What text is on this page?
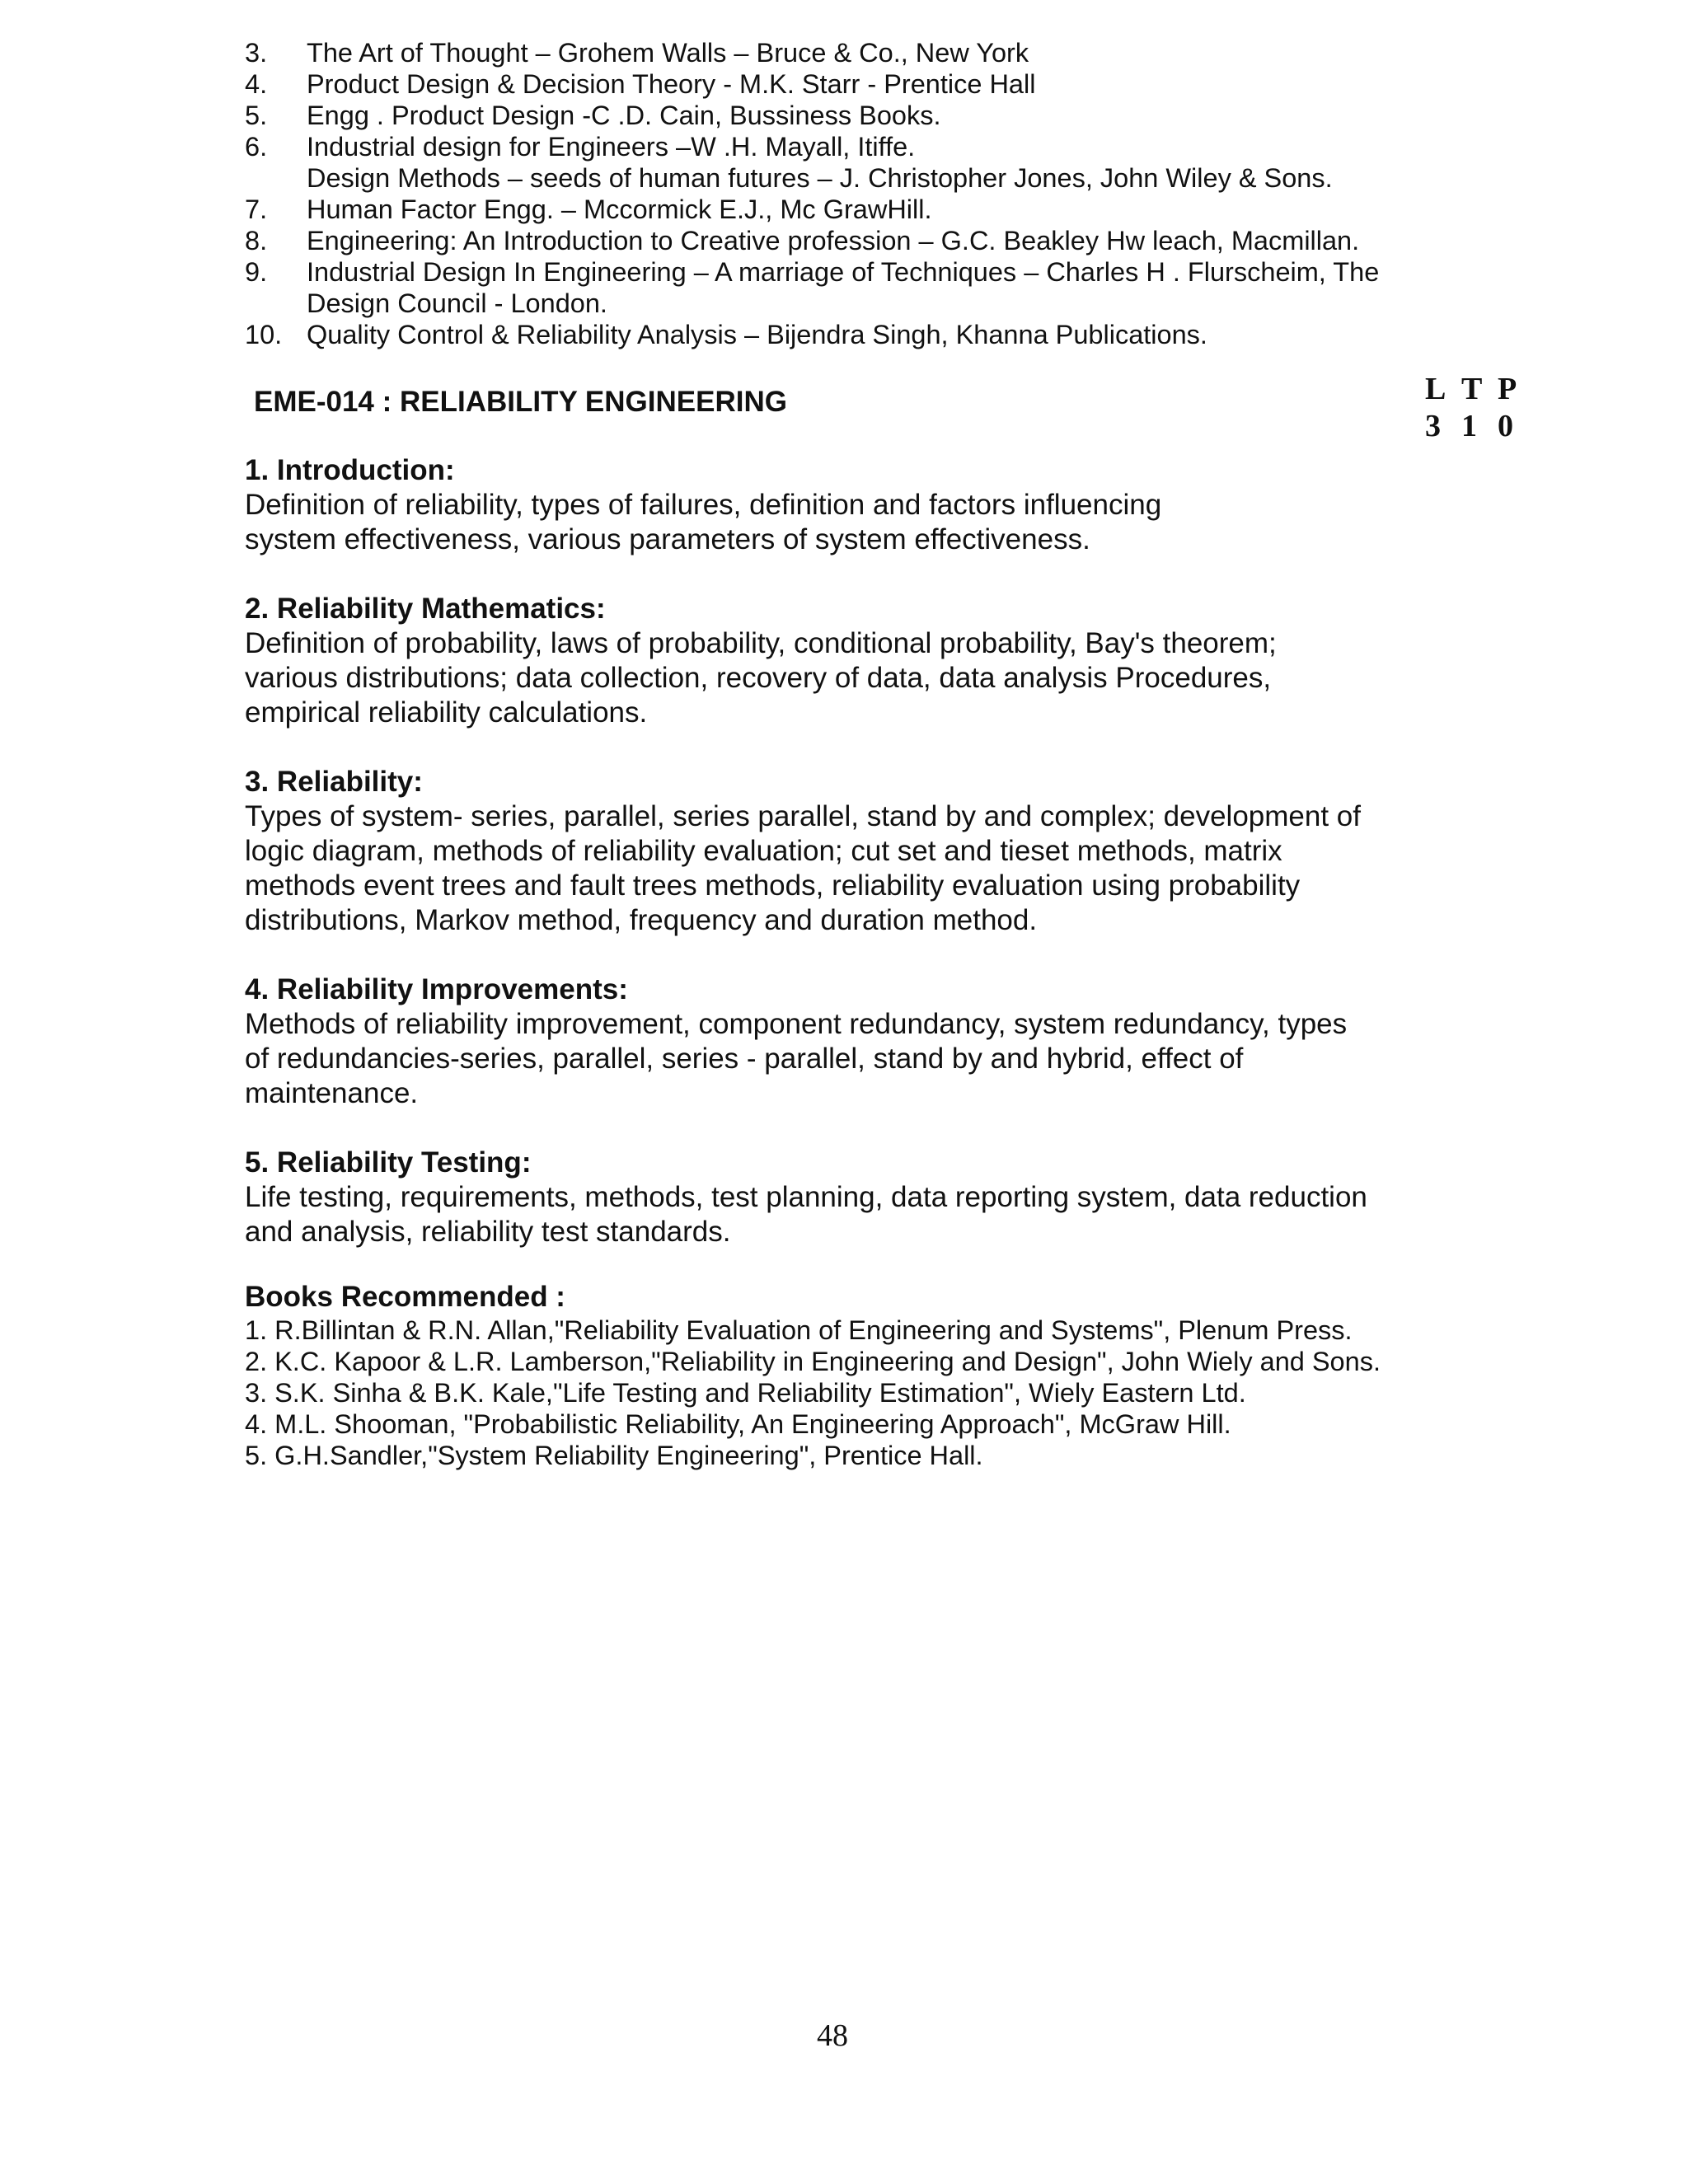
3.	The Art of Thought – Grohem Walls – Bruce & Co., New York
4.	Product Design & Decision Theory - M.K. Starr - Prentice Hall
5.	Engg . Product Design -C .D. Cain, Bussiness Books.
6.	Industrial design for Engineers –W .H. Mayall, Itiffe.
Design Methods – seeds of human futures – J. Christopher Jones, John Wiley & Sons.
7.	Human Factor Engg. – Mccormick E.J., Mc GrawHill.
8.	Engineering: An Introduction to Creative profession – G.C. Beakley Hw leach, Macmillan.
9.	Industrial Design In Engineering – A marriage of Techniques – Charles H . Flurscheim, The
Design Council - London.
10. Quality Control & Reliability Analysis – Bijendra Singh, Khanna Publications.
EME-014 : RELIABILITY ENGINEERING	L T P
3 1 0
1. Introduction:
Definition of reliability, types of failures, definition and factors influencing
system effectiveness, various parameters of system effectiveness.
2. Reliability Mathematics:
Definition of probability, laws of probability, conditional probability, Bay's theorem;
various distributions; data collection, recovery of data, data analysis Procedures,
empirical reliability calculations.
3. Reliability:
Types of system- series, parallel, series parallel, stand by and complex; development of
logic diagram, methods of reliability evaluation; cut set and tieset methods, matrix
methods event trees and fault trees methods, reliability evaluation using probability
distributions, Markov method, frequency and duration method.
4. Reliability Improvements:
Methods of reliability improvement, component redundancy, system redundancy, types
of redundancies-series, parallel, series - parallel, stand by and hybrid, effect of
maintenance.
5. Reliability Testing:
Life testing, requirements, methods, test planning, data reporting system, data reduction
and analysis, reliability test standards.
Books Recommended :
1. R.Billintan & R.N. Allan,"Reliability Evaluation of Engineering and Systems", Plenum Press.
2. K.C. Kapoor & L.R. Lamberson,"Reliability in Engineering and Design", John Wiely and Sons.
3. S.K. Sinha & B.K. Kale,"Life Testing and Reliability Estimation", Wiely Eastern Ltd.
4. M.L. Shooman, "Probabilistic Reliability, An Engineering Approach", McGraw Hill.
5. G.H.Sandler,"System Reliability Engineering", Prentice Hall.
48
